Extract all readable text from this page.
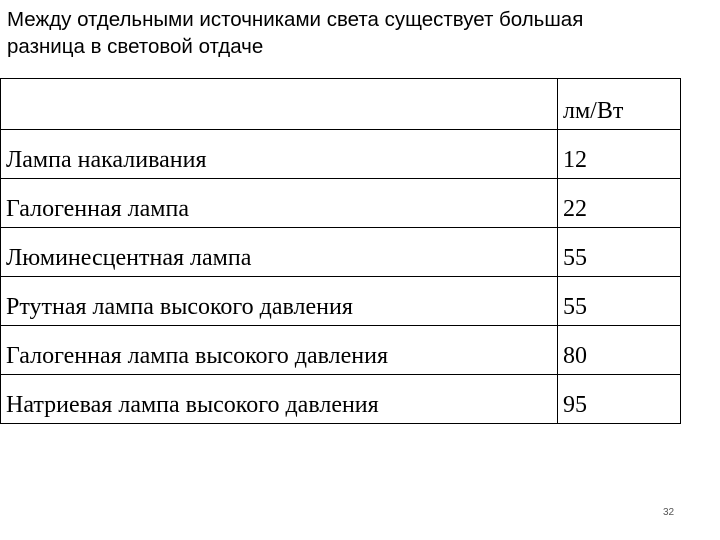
Между отдельными источниками света существует большая
разница в световой отдаче
	лм/Вт
Лампа накаливания	12
Галогенная лампа	22
Люминесцентная лампа	55
Ртутная лампа высокого давления	55
Галогенная лампа высокого давления	80
Натриевая лампа высокого давления	95
32
